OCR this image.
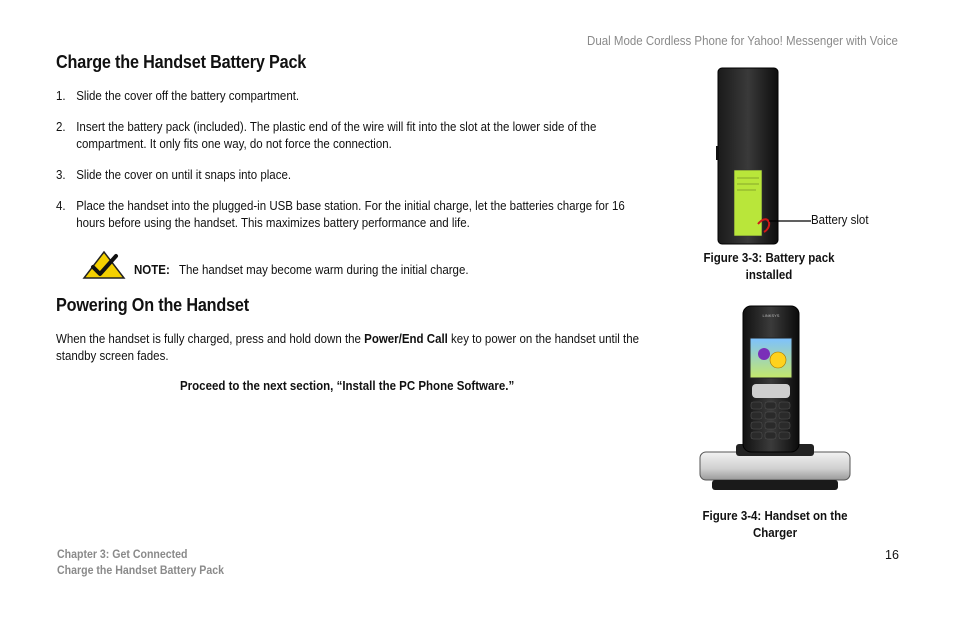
Dual Mode Cordless Phone for Yahoo! Messenger with Voice
Charge the Handset Battery Pack
1. Slide the cover off the battery compartment.
2. Insert the battery pack (included). The plastic end of the wire will fit into the slot at the lower side of the compartment. It only fits one way, do not force the connection.
3. Slide the cover on until it snaps into place.
4. Place the handset into the plugged-in USB base station. For the initial charge, let the batteries charge for 16 hours before using the handset. This maximizes battery performance and life.
NOTE: The handset may become warm during the initial charge.
Powering On the Handset
When the handset is fully charged, press and hold down the Power/End Call key to power on the handset until the standby screen fades.
Proceed to the next section, “Install the PC Phone Software.”
Battery slot
Figure 3-3: Battery pack
installed
LINKSYS
Figure 3-4: Handset on the
Charger
Chapter 3: Get Connected
Charge the Handset Battery Pack
16
